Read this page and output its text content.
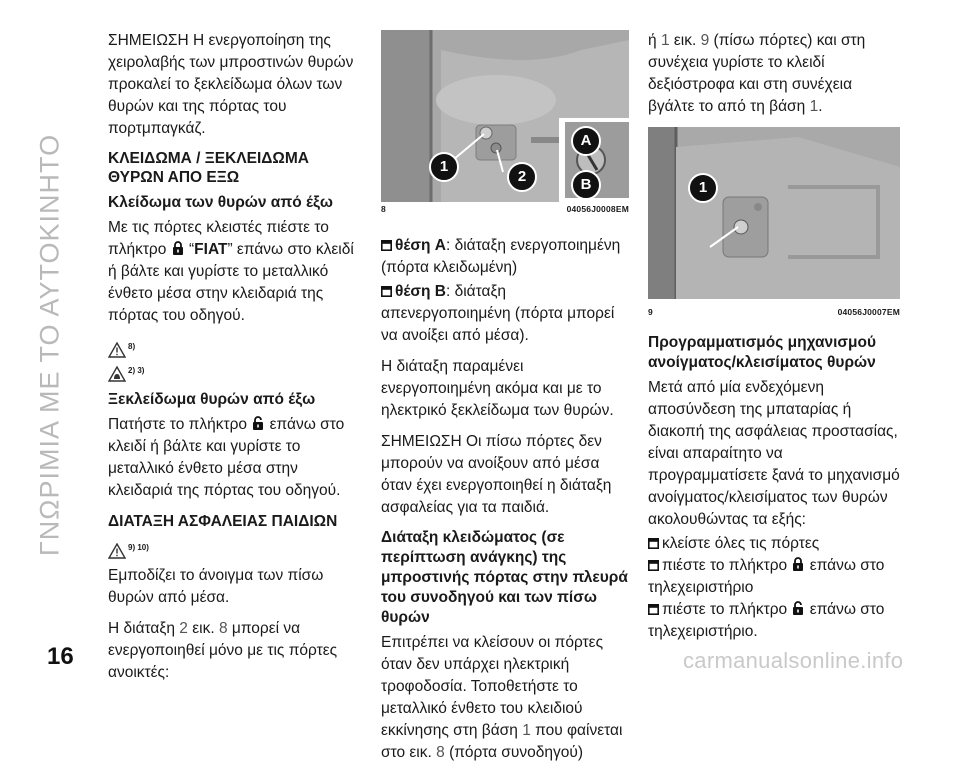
ΓΝΩΡΙΜΙΑ ΜΕ ΤΟ ΑΥΤΟΚΙΝΗΤΟ

ΣΗΜΕΙΩΣΗ Η ενεργοποίηση της χειρολαβής των μπροστινών θυρών προκαλεί το ξεκλείδωμα όλων των θυρών και της πόρτας του πορτμπαγκάζ.

ΚΛΕΙΔΩΜΑ / ΞΕΚΛΕΙΔΩΜΑ ΘΥΡΩΝ ΑΠΟ ΕΞΩ
Κλείδωμα των θυρών από έξω

Με τις πόρτες κλειστές πιέστε το πλήκτρο “FIAT” επάνω στο κλειδί ή βάλτε και γυρίστε το μεταλλικό ένθετο μέσα στην κλειδαριά της πόρτας του οδηγού.

8)
2) 3)
Ξεκλείδωμα θυρών από έξω

Πατήστε το πλήκτρο επάνω στο κλειδί ή βάλτε και γυρίστε το μεταλλικό ένθετο μέσα στην κλειδαριά της πόρτας του οδηγού.

ΔΙΑΤΑΞΗ ΑΣΦΑΛΕΙΑΣ ΠΑΙΔΙΩΝ
9) 10)

Εμποδίζει το άνοιγμα των πίσω θυρών από μέσα.

Η διάταξη 2 εικ. 8 μπορεί να ενεργοποιηθεί μόνο με τις πόρτες ανοικτές:

1
2
A
B
8	04056J0008EM

θέση A: διάταξη ενεργοποιημένη (πόρτα κλειδωμένη)

θέση B: διάταξη απενεργοποιημένη (πόρτα μπορεί να ανοίξει από μέσα).

Η διάταξη παραμένει ενεργοποιημένη ακόμα και με το ηλεκτρικό ξεκλείδωμα των θυρών.

ΣΗΜΕΙΩΣΗ Οι πίσω πόρτες δεν μπορούν να ανοίξουν από μέσα όταν έχει ενεργοποιηθεί η διάταξη ασφαλείας για τα παιδιά.

Διάταξη κλειδώματος (σε περίπτωση ανάγκης) της μπροστινής πόρτας στην πλευρά του συνοδηγού και των πίσω θυρών

Επιτρέπει να κλείσουν οι πόρτες όταν δεν υπάρχει ηλεκτρική τροφοδοσία. Τοποθετήστε το μεταλλικό ένθετο του κλειδιού εκκίνησης στη βάση 1 που φαίνεται στο εικ. 8 (πόρτα συνοδηγού)

ή 1 εικ. 9 (πίσω πόρτες) και στη συνέχεια γυρίστε το κλειδί δεξιόστροφα και στη συνέχεια βγάλτε το από τη βάση 1.

1
9	04056J0007EM
Προγραμματισμός μηχανισμού ανοίγματος/κλεισίματος θυρών

Μετά από μία ενδεχόμενη αποσύνδεση της μπαταρίας ή διακοπή της ασφάλειας προστασίας, είναι απαραίτητο να προγραμματίσετε ξανά το μηχανισμό ανοίγματος/κλεισίματος των θυρών ακολουθώντας τα εξής:

κλείστε όλες τις πόρτες
πιέστε το πλήκτρο επάνω στο τηλεχειριστήριο
πιέστε το πλήκτρο επάνω στο τηλεχειριστήριο.
16	carmanualsonline.info
